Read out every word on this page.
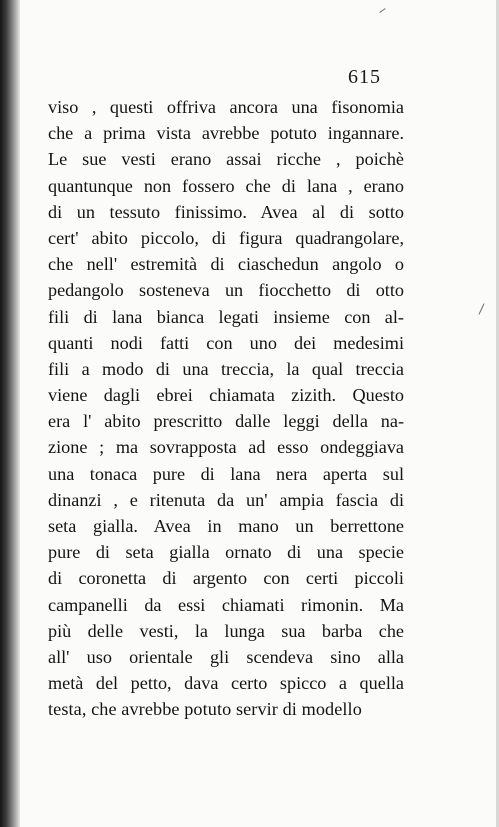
615
viso , questi offriva ancora una fisonomia
che a prima vista avrebbe potuto ingannare.
Le sue vesti erano assai ricche , poichè
quantunque non fossero che di lana , erano
di un tessuto finissimo. Avea al di sotto
cert' abito piccolo, di figura quadrangolare,
che nell' estremità di ciaschedun angolo o
pedangolo sosteneva un fiocchetto di otto
fili di lana bianca legati insieme con al-
quanti nodi fatti con uno dei medesimi
fili a modo di una treccia, la qual treccia
viene dagli ebrei chiamata zizith. Questo
era l' abito prescritto dalle leggi della na-
zione ; ma sovrapposta ad esso ondeggiava
una tonaca pure di lana nera aperta sul
dinanzi , e ritenuta da un' ampia fascia di
seta gialla. Avea in mano un berrettone
pure di seta gialla ornato di una specie
di coronetta di argento con certi piccoli
campanelli da essi chiamati rimonin. Ma
più delle vesti, la lunga sua barba che
all' uso orientale gli scendeva sino alla
metà del petto, dava certo spicco a quella
testa, che avrebbe potuto servir di modello
